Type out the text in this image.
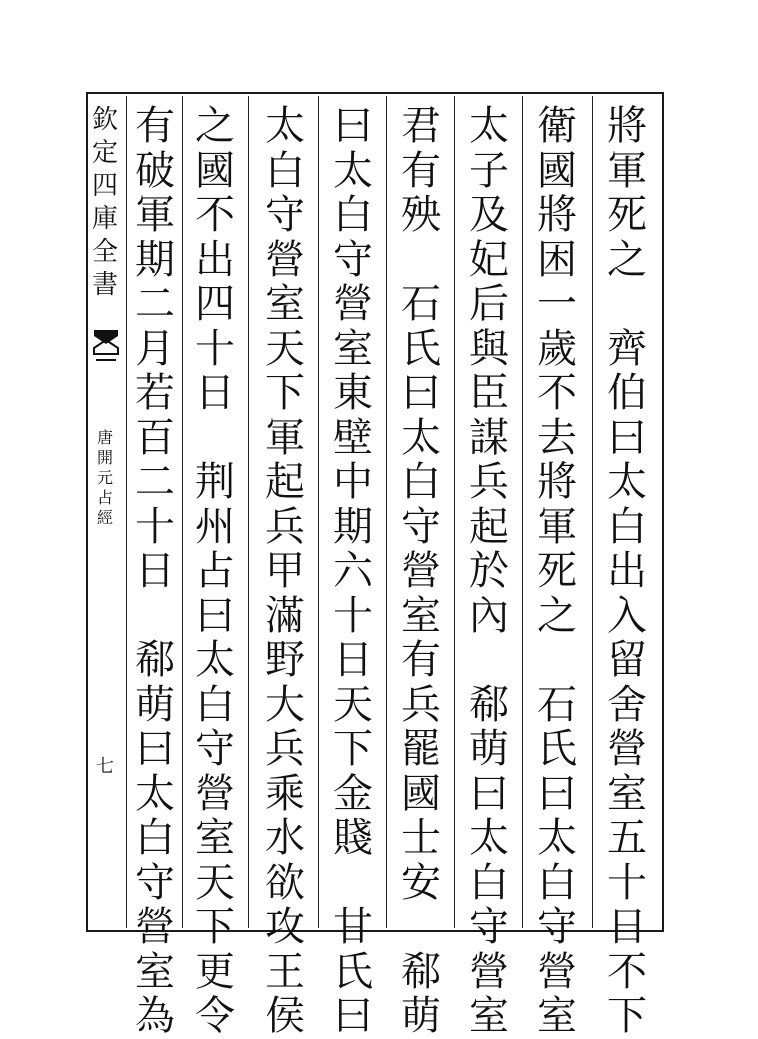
欽
定
四
庫
全
書
唐
開
元
占
經
七
將
軍
死
之

齊
伯
曰
太
白
出
入
留
舍
營
室
五
十
日
不
下
衛
國
將
困
一
歲
不
去
將
軍
死
之

石
氏
曰
太
白
守
營
室
太
子
及
妃
后
與
臣
謀
兵
起
於
內

郗
萌
曰
太
白
守
營
室
君
有
殃

石
氏
曰
太
白
守
營
室
有
兵
罷
國
士
安

郗
萌
曰
太
白
守
營
室
東
壁
中
期
六
十
日
天
下
金
賤

甘
氏
曰
太
白
守
營
室
天
下
軍
起
兵
甲
滿
野
大
兵
乘
水
欲
攻
王
侯
之
國
不
出
四
十
日

荆
州
占
曰
太
白
守
營
室
天
下
更
令
有
破
軍
期
二
月
若
百
二
十
日

郗
萌
曰
太
白
守
營
室
為
